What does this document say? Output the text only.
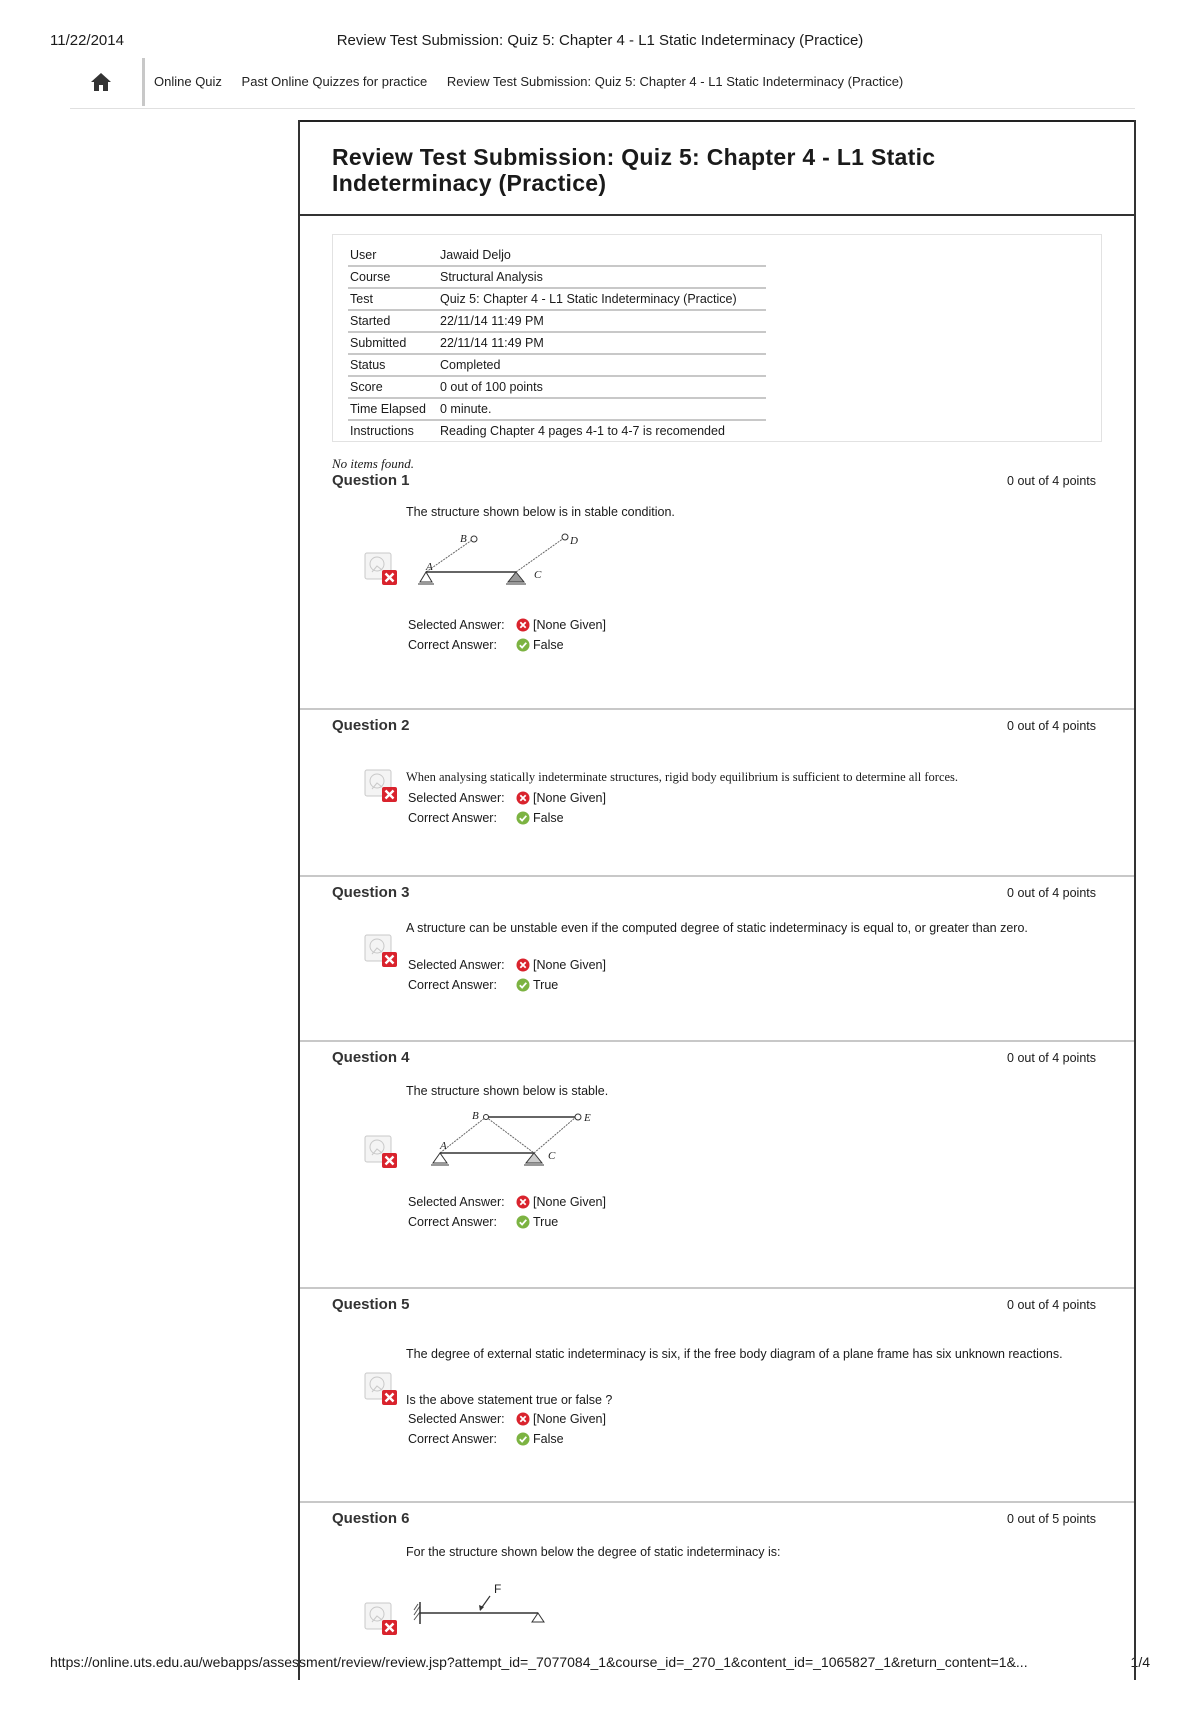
11/22/2014	Review Test Submission: Quiz 5: Chapter 4 - L1 Static Indeterminacy (Practice)
https://online.uts.edu.au/webapps/assessment/review/review.jsp?attempt_id=_7077084_1&course_id=_270_1&content_id=_1065827_1&return_content=1&...	1/4
Online Quiz Past Online Quizzes for practice Review Test Submission: Quiz 5: Chapter 4 - L1 Static Indeterminacy (Practice)
Review Test Submission: Quiz 5: Chapter 4 - L1 Static Indeterminacy (Practice)
User	Jawaid Deljo
Course	Structural Analysis
Test	Quiz 5: Chapter 4 - L1 Static Indeterminacy (Practice)
Started	22/11/14 11:49 PM
Submitted	22/11/14 11:49 PM
Status	Completed
Score	0 out of 100 points
Time Elapsed	0 minute.
Instructions	Reading Chapter 4 pages 4-1 to 4-7 is recomended
No items found.
Question 1	0 out of 4 points
The structure shown below is in stable condition.
B	D
A
C
Selected Answer: [None Given]
Correct Answer:	False
Question 2	0 out of 4 points
When analysing statically indeterminate structures, rigid body equilibrium is sufficient to determine all forces.
Selected Answer: [None Given]
Correct Answer:	False
Question 3	0 out of 4 points
A structure can be unstable even if the computed degree of static indeterminacy is equal to, or greater than zero.
Selected Answer: [None Given]
Correct Answer:	True
Question 4	0 out of 4 points
The structure shown below is stable.
B	E
A
C
Selected Answer: [None Given]
Correct Answer:	True
Question 5	0 out of 4 points
The degree of external static indeterminacy is six, if the free body diagram of a plane frame has six unknown reactions.
Is the above statement true or false ?
Selected Answer: [None Given]
Correct Answer:	False
Question 6	0 out of 5 points
For the structure shown below the degree of static indeterminacy is:
F
